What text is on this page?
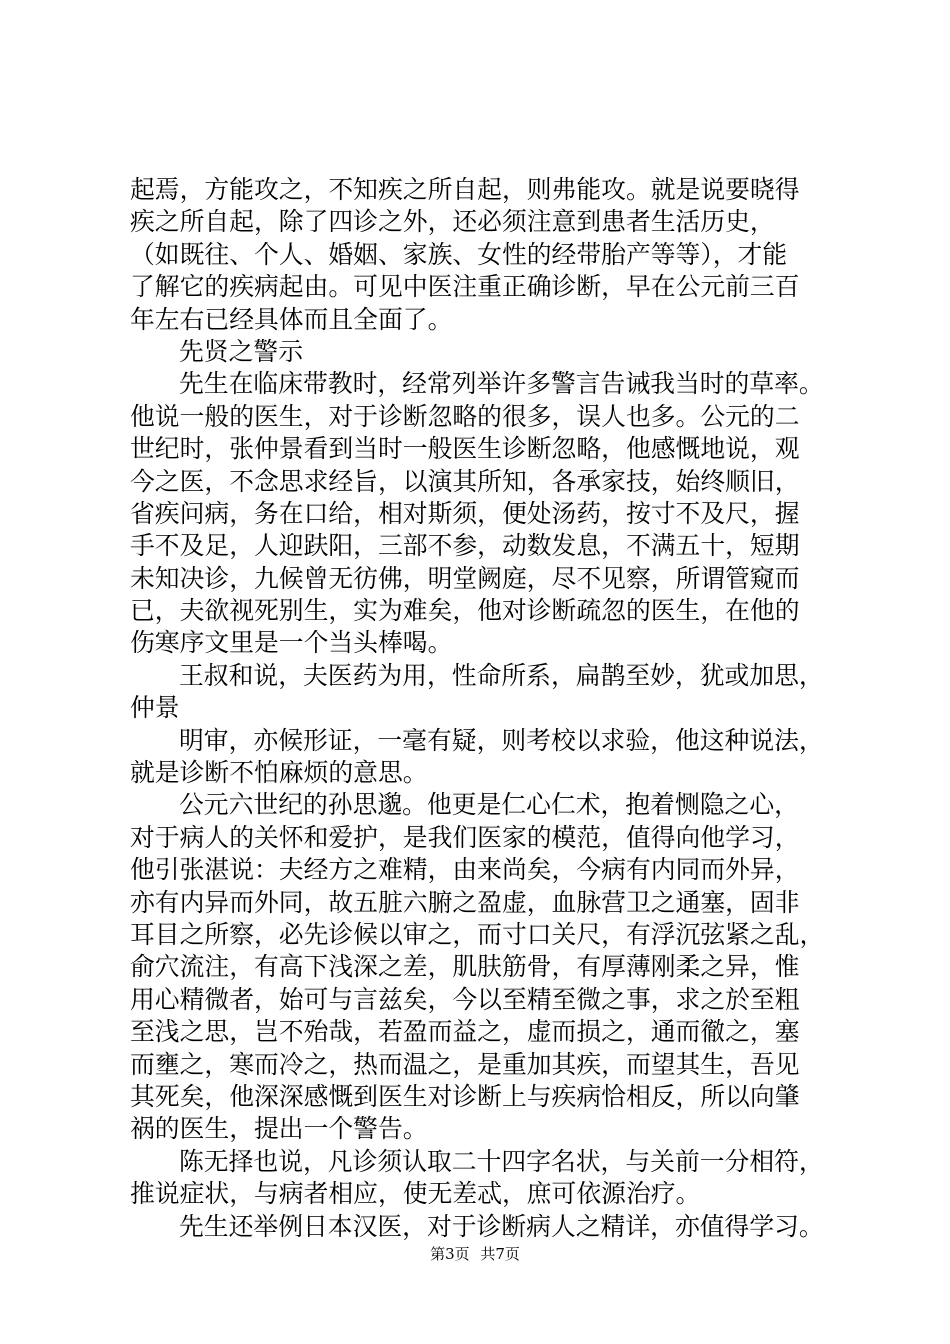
起焉，方能攻之，不知疾之所自起，则弗能攻。就是说要晓得
疾之所自起，除了四诊之外，还必须注意到患者生活历史，
（如既往、个人、婚姻、家族、女性的经带胎产等等），才能
了解它的疾病起由。可见中医注重正确诊断，早在公元前三百
年左右已经具体而且全面了。
先贤之警示
先生在临床带教时，经常列举许多警言告诫我当时的草率。
他说一般的医生，对于诊断忽略的很多，误人也多。公元的二
世纪时，张仲景看到当时一般医生诊断忽略，他感慨地说，观
今之医，不念思求经旨，以演其所知，各承家技，始终顺旧，
省疾问病，务在口给，相对斯须，便处汤药，按寸不及尺，握
手不及足，人迎趺阳，三部不参，动数发息，不满五十，短期
未知决诊，九候曾无彷佛，明堂阙庭，尽不见察，所谓管窥而
已，夫欲视死别生，实为难矣，他对诊断疏忽的医生，在他的
伤寒序文里是一个当头棒喝。
王叔和说，夫医药为用，性命所系，扁鹊至妙，犹或加思，
仲景
明审，亦候形证，一毫有疑，则考校以求验，他这种说法，
就是诊断不怕麻烦的意思。
公元六世纪的孙思邈。他更是仁心仁术，抱着恻隐之心，
对于病人的关怀和爱护，是我们医家的模范，值得向他学习，
他引张湛说：夫经方之难精，由来尚矣，今病有内同而外异，
亦有内异而外同，故五脏六腑之盈虚，血脉营卫之通塞，固非
耳目之所察，必先诊候以审之，而寸口关尺，有浮沉弦紧之乱，
俞穴流注，有高下浅深之差，肌肤筋骨，有厚薄刚柔之异，惟
用心精微者，始可与言兹矣，今以至精至微之事，求之於至粗
至浅之思，岂不殆哉，若盈而益之，虚而损之，通而徹之，塞
而壅之，寒而冷之，热而温之，是重加其疾，而望其生，吾见
其死矣，他深深感慨到医生对诊断上与疾病恰相反，所以向肇
祸的医生，提出一个警告。
陈无择也说，凡诊须认取二十四字名状，与关前一分相符，
推说症状，与病者相应，使无差忒，庶可依源治疗。
先生还举例日本汉医，对于诊断病人之精详，亦值得学习。
第3页 共7页
